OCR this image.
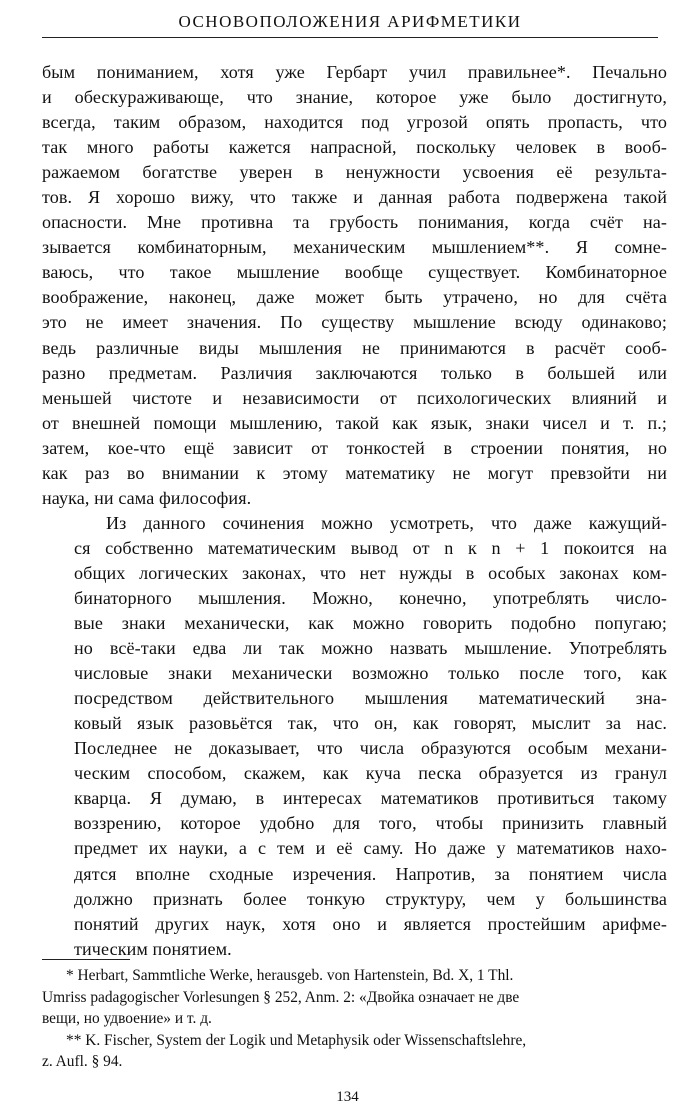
ОСНОВОПОЛОЖЕНИЯ АРИФМЕТИКИ

бым пониманием, хотя уже Гербарт учил правильнее*. Печально
и обескураживающе, что знание, которое уже было достигнуто,
всегда, таким образом, находится под угрозой опять пропасть, что
так много работы кажется напрасной, поскольку человек в вооб-
ражаемом богатстве уверен в ненужности усвоения её результа-
тов. Я хорошо вижу, что также и данная работа подвержена такой
опасности. Мне противна та грубость понимания, когда счёт на-
зывается комбинаторным, механическим мышлением**. Я сомне-
ваюсь, что такое мышление вообще существует. Комбинаторное
воображение, наконец, даже может быть утрачено, но для счёта
это не имеет значения. По существу мышление всюду одинаково;
ведь различные виды мышления не принимаются в расчёт сооб-
разно предметам. Различия заключаются только в большей или
меньшей чистоте и независимости от психологических влияний и
от внешней помощи мышлению, такой как язык, знаки чисел и т. п.;
затем, кое-что ещё зависит от тонкостей в строении понятия, но
как раз во внимании к этому математику не могут превзойти ни
наука, ни сама философия.

Из данного сочинения можно усмотреть, что даже кажущий-
ся собственно математическим вывод от n к n + 1 покоится на
общих логических законах, что нет нужды в особых законах ком-
бинаторного мышления. Можно, конечно, употреблять числo-
вые знаки механически, как можно говорить подобно попугаю;
но всё-таки едва ли так можно назвать мышление. Употреблять
числовые знаки механически возможно только после того, как
посредством действительного мышления математический зна-
ковый язык разовьётся так, что он, как говорят, мыслит за нас.
Последнее не доказывает, что числа образуются особым механи-
ческим способом, скажем, как куча песка образуется из гранул
кварца. Я думаю, в интересах математиков противиться такому
воззрению, которое удобно для того, чтобы принизить главный
предмет их науки, а с тем и её саму. Но даже у математиков нахо-
дятся вполне сходные изречения. Напротив, за понятием числа
должно признать более тонкую структуру, чем у большинства
понятий других наук, хотя оно и является простейшим арифме-
тическим понятием.

* Herbart, Sammtliche Werke, herausgeb. von Hartenstein, Bd. X, 1 Thl.
Umriss padagogischer Vorlesungen § 252, Anm. 2: «Двойка означает не две
вещи, но удвоение» и т. д.
** K. Fischer, System der Logik und Metaphysik oder Wissenschaftslehre,
z. Aufl. § 94.
134
